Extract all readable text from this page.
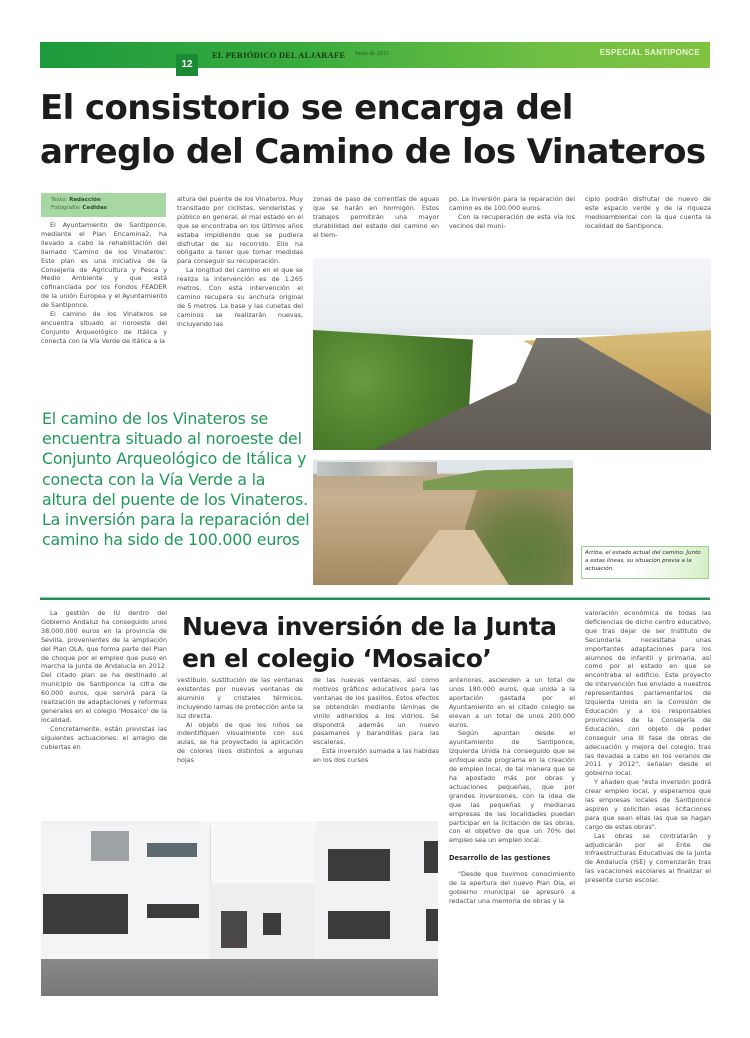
12
EL PERIÓDICO DEL ALJARAFE Junio de 2013	ESPECIAL SANTIPONCE
El consistorio se encarga del
arreglo del Camino de los Vinateros
Texto: Redacción
Fotografía: Cedidas

El Ayuntamiento de Santiponce, mediante el Plan Encamina2, ha llevado a cabo la rehabilitación del llamado 'Camino de los Vinateros'. Este plan es una iniciativa de la Consejería de Agricultura y Pesca y Medio Ambiente y que está cofinanciada por los Fondos FEADER de la unión Europea y el Ayuntamiento de Santiponce.

El camino de los Vinateros se encuentra situado al noroeste del Conjunto Arqueológico de Itálica y conecta con la Vía Verde de Itálica a la

altura del puente de los Vinateros. Muy transitado por ciclistas, senderistas y público en general, el mal estado en el que se encontraba en los últimos años estaba impidiendo que se pudiera disfrutar de su recorrido. Ello ha obligado a tener que tomar medidas para conseguir su recuperación.

La longitud del camino en el que se realiza la intervención es de 1.265 metros. Con esta intervención el camino recupera su anchura original de 5 metros. La base y las cunetas del caminos se realizarán nuevas, incluyendo las

zonas de paso de correntías de aguas que se harán en hormigón. Estos trabajos permitirán una mayor durabilidad del estado del camino en el tiem-

po. La inversión para la reparación del camino es de 100.000 euros.

Con la recuperación de esta vía los vecinos del muni-

cipio podrán disfrutar de nuevo de este espacio verde y de la riqueza medioambiental con la que cuenta la localidad de Santiponce.

El camino de los Vinateros se encuentra situado al noroeste del Conjunto Arqueológico de Itálica y conecta con la Vía Verde a la altura del puente de los Vinateros. La inversión para la reparación del camino ha sido de 100.000 euros
Arriba, el estado actual del camino. Junto a estas líneas, su situación previa a la actuación.
Nueva inversión de la Junta
en el colegio ‘Mosaico’

La gestión de IU dentro del Gobierno Andaluz ha conseguido unos 38.000.000 euros en la provincia de Sevilla, provenientes de la ampliación del Plan OLA, que forma parte del Plan de choque por el empleo que puso en marcha la Junta de Andalucía en 2012. Del citado plan se ha destinado al municipio de Santiponce la cifra de 60.000 euros, que servirá para la realización de adaptaciones y reformas generales en el colegio 'Mosaico' de la localidad.

Concretamente, están previstas las siguientes actuaciones: el arreglo de cubiertas en

vestíbulo, sustitución de las ventanas existentes por nuevas ventanas de aluminio y cristales térmicos, incluyendo lamas de protección ante la luz directa.

Al objeto de que los niños se indentifiquen visualmente con sus aulas, se ha proyectado la aplicación de colores lisos distintos a algunas hojas

de las nuevas ventanas, así como motivos gráficos educativos para las ventanas de los pasillos. Estos efectos se obtendrán mediante láminas de vinilo adheridos a los vidrios. Se dispondrá además un nuevo pasamanos y barandillas para las escaleras.

Esta inversión sumada a las habidas en los dos cursos

anteriores, ascienden a un total de unos 180.000 euros, que unida a la aportación gastada por el Ayuntamiento en el citado colegio se elevan a un total de unos 200.000 euros.

Según apuntan desde el ayuntamiento de Santiponce, Izquierda Unida ha conseguido que se enfoque este programa en la creación de empleo local, de tal manera que se ha apostado más por obras y actuaciones pequeñas, que por grandes inversiones, con la idea de que las pequeñas y medianas empresas de las localidades puedan participar en la licitación de las obras, con el objetivo de que un 70% del empleo sea un empleo local.

Desarrollo de las gestiones

"Desde que tuvimos conocimiento de la apertura del nuevo Plan Ola, el gobierno municipal se apresuró a redactar una memoria de obras y la

valoración económica de todas las deficiencias de dicho centro educativo, que tras dejar de ser Instituto de Secundaria necesitaba unas importantes adaptaciones para los alumnos de infantil y primaria, así como por el estado en que se encontraba el edificio. Este proyecto de intervención fue enviado a nuestros representantes parlamentarios de Izquierda Unida en la Comisión de Educación y a los responsables provinciales de la Consejería de Educación, con objeto de poder conseguir una III fase de obras de adecuación y mejora del colegio, tras las llevadas a cabo en los veranos de 2011 y 2012", señalan desde el gobierno local.

Y añaden que "esta inversión podrá crear empleo local, y esperamos que las empresas locales de Santiponce aspiren y soliciten esas licitaciones para que sean ellas las que se hagan cargo de estas obras".

Las obras se contratarán y adjudicarán por el Ente de Infraestructuras Educativas de la Junta de Andalucía (ISE) y comenzarán tras las vacaciones escolares al finalizar el presente curso escolar.
